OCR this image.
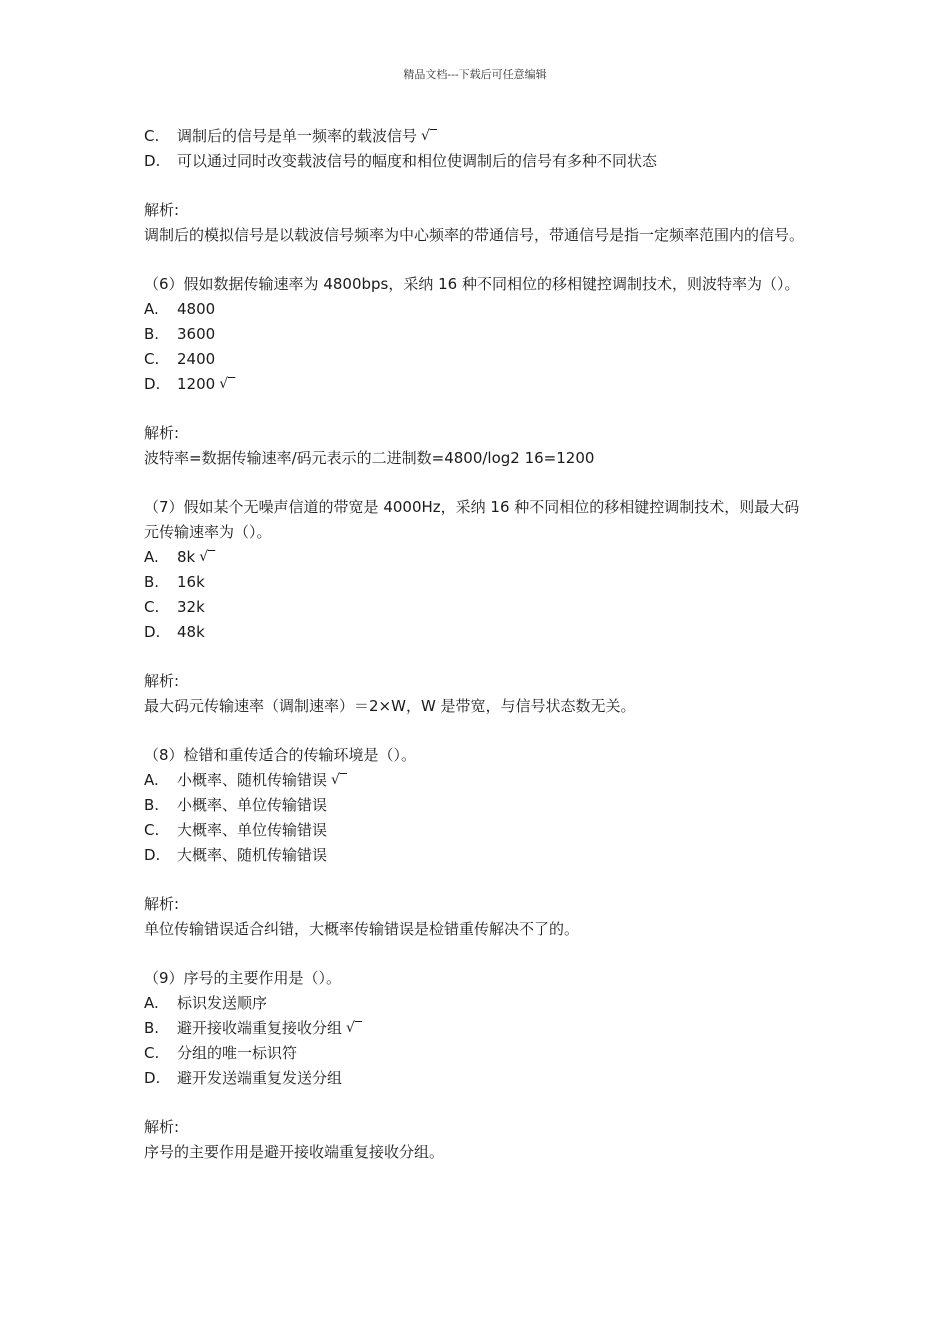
精品文档---下载后可任意编辑
C.	调制后的信号是单一频率的载波信号 √‾
D.	可以通过同时改变载波信号的幅度和相位使调制后的信号有多种不同状态
解析:
调制后的模拟信号是以载波信号频率为中心频率的带通信号，带通信号是指一定频率范围内的信号。
（6）假如数据传输速率为 4800bps，采纳 16 种不同相位的移相键控调制技术，则波特率为（）。
A.	4800
B.	3600
C.	2400
D.	1200 √‾
解析:
波特率=数据传输速率/码元表示的二进制数=4800/log2 16=1200
（7）假如某个无噪声信道的带宽是 4000Hz，采纳 16 种不同相位的移相键控调制技术，则最大码元传输速率为（）。
A.	8k √‾
B.	16k
C.	32k
D.	48k
解析:
最大码元传输速率（调制速率）＝2×W，W 是带宽，与信号状态数无关。
（8）检错和重传适合的传输环境是（）。
A.	小概率、随机传输错误 √‾
B.	小概率、单位传输错误
C.	大概率、单位传输错误
D.	大概率、随机传输错误
解析:
单位传输错误适合纠错，大概率传输错误是检错重传解决不了的。
（9）序号的主要作用是（）。
A.	标识发送顺序
B.	避开接收端重复接收分组 √‾
C.	分组的唯一标识符
D.	避开发送端重复发送分组
解析:
序号的主要作用是避开接收端重复接收分组。
